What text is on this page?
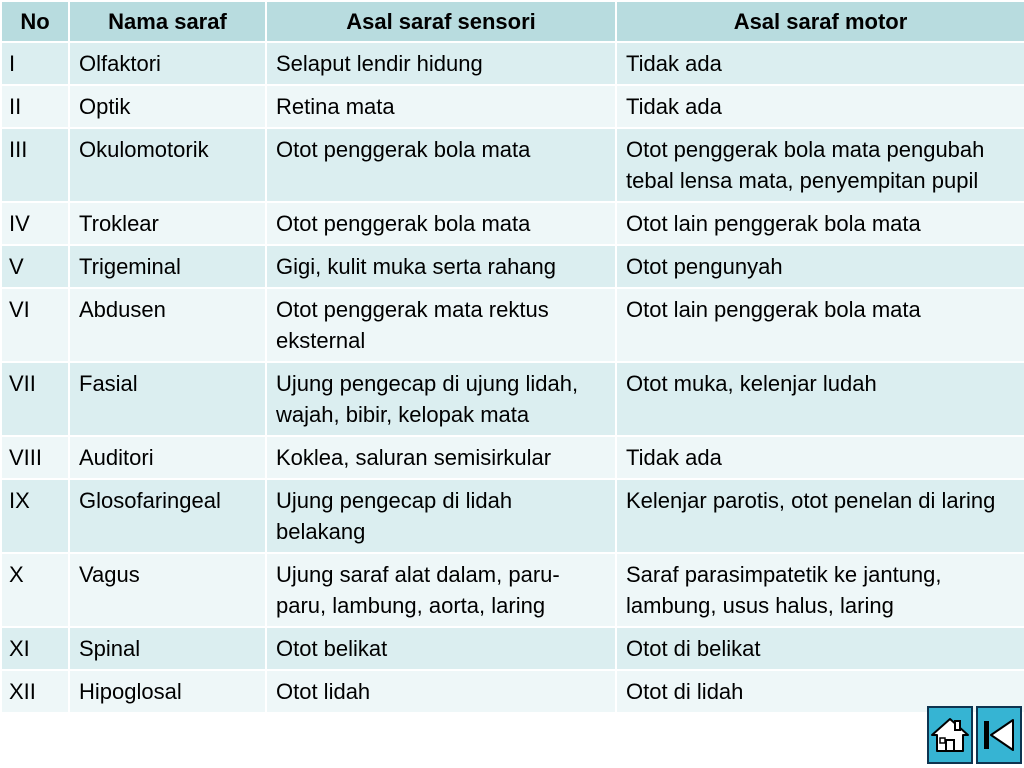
No	Nama saraf	Asal saraf sensori	Asal saraf motor
I	Olfaktori	Selaput lendir hidung	Tidak ada
II	Optik	Retina mata	Tidak ada
III	Okulomotorik	Otot penggerak bola mata	Otot penggerak bola mata pengubah tebal lensa mata, penyempitan pupil
IV	Troklear	Otot penggerak bola mata	Otot lain penggerak bola mata
V	Trigeminal	Gigi, kulit muka serta rahang	Otot pengunyah
VI	Abdusen	Otot penggerak mata rektus eksternal	Otot lain penggerak bola mata
VII	Fasial	Ujung pengecap di ujung lidah, wajah, bibir, kelopak mata	Otot muka, kelenjar ludah
VIII	Auditori	Koklea, saluran semisirkular	Tidak ada
IX	Glosofaringeal	Ujung pengecap di lidah belakang	Kelenjar parotis, otot penelan di laring
X	Vagus	Ujung saraf alat dalam, paru-paru, lambung, aorta, laring	Saraf parasimpatetik ke jantung, lambung, usus halus, laring
XI	Spinal	Otot belikat	Otot di belikat
XII	Hipoglosal	Otot lidah	Otot di lidah
